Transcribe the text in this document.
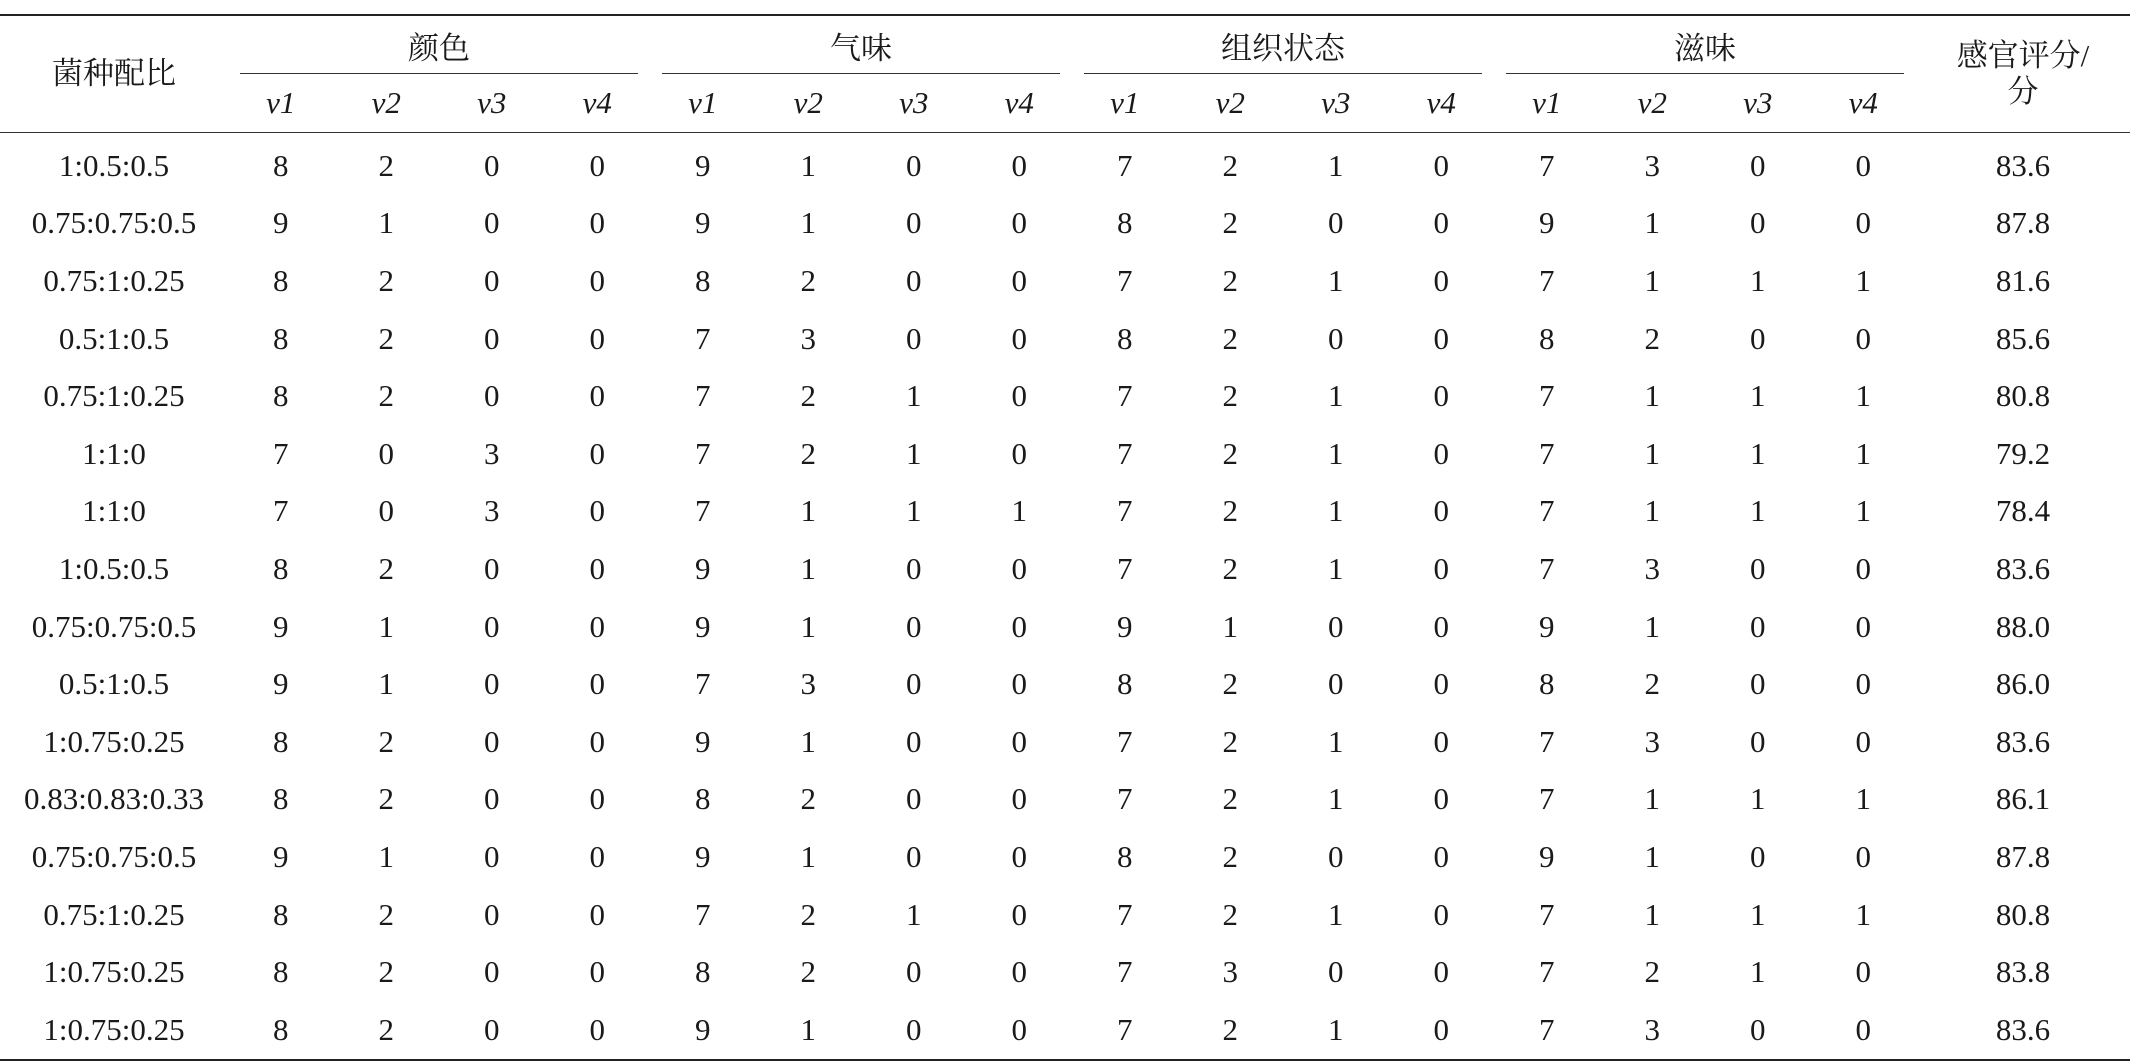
菌种配比	颜色				气味				组织状态				滋味				感官评分/
分
	v1	v2	v3	v4	v1	v2	v3	v4	v1	v2	v3	v4	v1	v2	v3	v4	
1:0.5:0.5	8	2	0	0	9	1	0	0	7	2	1	0	7	3	0	0	83.6
0.75:0.75:0.5	9	1	0	0	9	1	0	0	8	2	0	0	9	1	0	0	87.8
0.75:1:0.25	8	2	0	0	8	2	0	0	7	2	1	0	7	1	1	1	81.6
0.5:1:0.5	8	2	0	0	7	3	0	0	8	2	0	0	8	2	0	0	85.6
0.75:1:0.25	8	2	0	0	7	2	1	0	7	2	1	0	7	1	1	1	80.8
1:1:0	7	0	3	0	7	2	1	0	7	2	1	0	7	1	1	1	79.2
1:1:0	7	0	3	0	7	1	1	1	7	2	1	0	7	1	1	1	78.4
1:0.5:0.5	8	2	0	0	9	1	0	0	7	2	1	0	7	3	0	0	83.6
0.75:0.75:0.5	9	1	0	0	9	1	0	0	9	1	0	0	9	1	0	0	88.0
0.5:1:0.5	9	1	0	0	7	3	0	0	8	2	0	0	8	2	0	0	86.0
1:0.75:0.25	8	2	0	0	9	1	0	0	7	2	1	0	7	3	0	0	83.6
0.83:0.83:0.33	8	2	0	0	8	2	0	0	7	2	1	0	7	1	1	1	86.1
0.75:0.75:0.5	9	1	0	0	9	1	0	0	8	2	0	0	9	1	0	0	87.8
0.75:1:0.25	8	2	0	0	7	2	1	0	7	2	1	0	7	1	1	1	80.8
1:0.75:0.25	8	2	0	0	8	2	0	0	7	3	0	0	7	2	1	0	83.8
1:0.75:0.25	8	2	0	0	9	1	0	0	7	2	1	0	7	3	0	0	83.6
